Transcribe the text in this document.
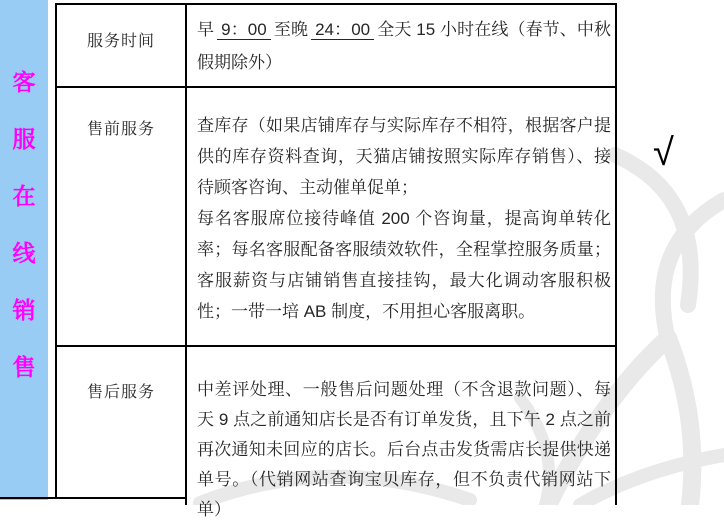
客
服
在
线
销
售
服务时间
早 9：00 至晚 24：00 全天 15 小时在线（春节、中秋假期除外）
售前服务	查库存（如果店铺库存与实际库存不相符，根据客户提供的库存资料查询，天猫店铺按照实际库存销售）、接待顾客咨询、主动催单促单；

每名客服席位接待峰值 200 个咨询量，提高询单转化率；每名客服配备客服绩效软件，全程掌控服务质量；客服薪资与店铺销售直接挂钩，最大化调动客服积极性；一带一培 AB 制度，不用担心客服离职。

售后服务	中差评处理、一般售后问题处理（不含退款问题）、每天 9 点之前通知店长是否有订单发货，且下午 2 点之前再次通知未回应的店长。后台点击发货需店长提供快递单号。（代销网站查询宝贝库存，但不负责代销网站下单）

√
